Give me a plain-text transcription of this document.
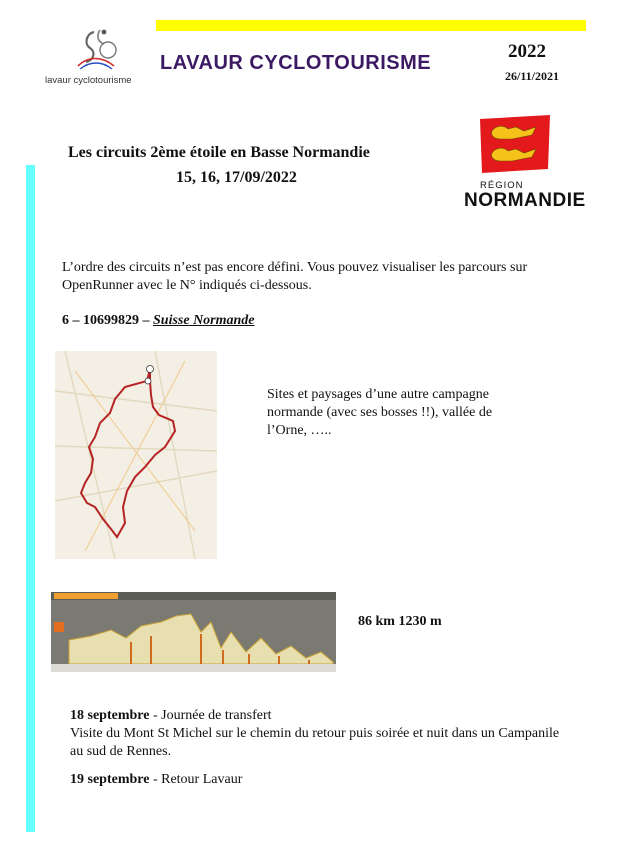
lavaur cyclotourisme
LAVAUR CYCLOTOURISME
2022
26/11/2021
Les circuits 2ème étoile en Basse Normandie
15, 16, 17/09/2022	RÉGION
NORMANDIE
L’ordre des circuits n’est pas encore défini. Vous pouvez visualiser les parcours sur OpenRunner avec le N° indiqués ci-dessous.
6 – 10699829 – Suisse Normande
Sites et paysages d’une autre campagne normande (avec ses bosses !!), vallée de l’Orne, …..
86 km 1230 m
18 septembre - Journée de transfert
Visite du Mont St Michel sur le chemin du retour puis soirée et nuit dans un Campanile au sud de Rennes.
19 septembre - Retour Lavaur
